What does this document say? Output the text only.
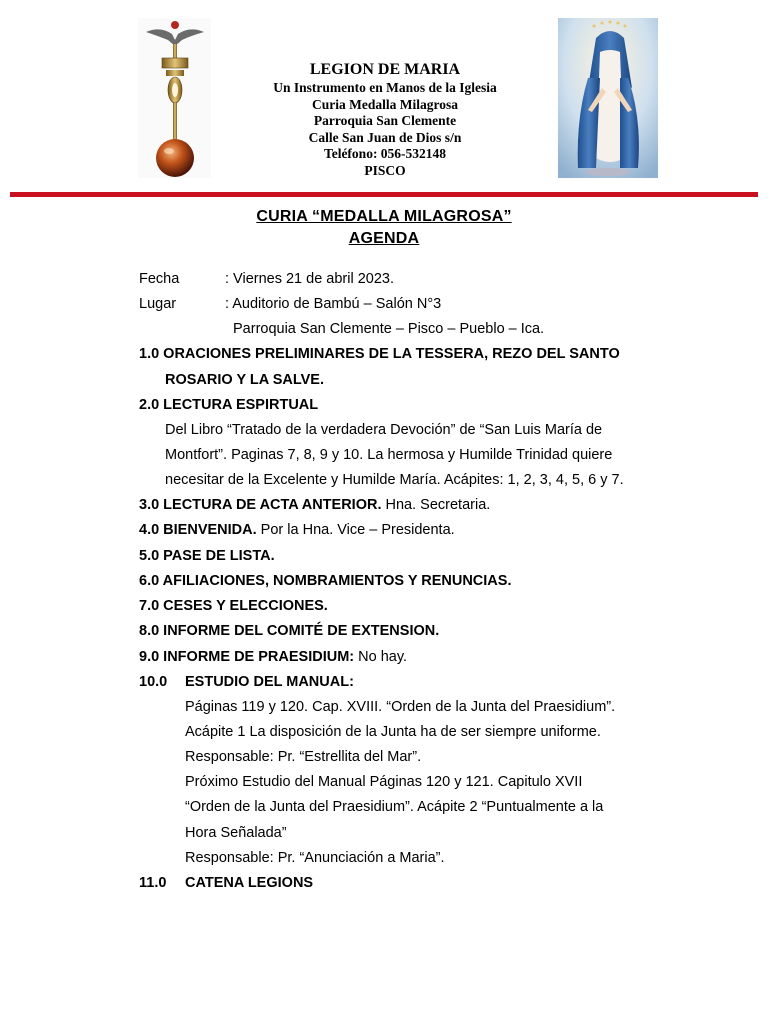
LEGION DE MARIA
Un Instrumento en Manos de la Iglesia
Curia Medalla Milagrosa
Parroquia San Clemente
Calle San Juan de Dios s/n
Teléfono: 056-532148
PISCO
CURIA “MEDALLA MILAGROSA”
AGENDA
Fecha	: Viernes 21 de abril 2023.
Lugar	: Auditorio de Bambú – Salón N°3
Parroquia San Clemente – Pisco – Pueblo – Ica.
1.0 ORACIONES PRELIMINARES DE LA TESSERA, REZO DEL SANTO
ROSARIO Y LA SALVE.
2.0 LECTURA ESPIRTUAL
Del Libro “Tratado de la verdadera Devoción” de “San Luis María de
Montfort”. Paginas 7, 8, 9 y 10. La hermosa y Humilde Trinidad quiere
necesitar de la Excelente y Humilde María. Acápites: 1, 2, 3, 4, 5, 6 y 7.
3.0 LECTURA DE ACTA ANTERIOR. Hna. Secretaria.
4.0 BIENVENIDA. Por la Hna. Vice – Presidenta.
5.0 PASE DE LISTA.
6.0 AFILIACIONES, NOMBRAMIENTOS Y RENUNCIAS.
7.0 CESES Y ELECCIONES.
8.0 INFORME DEL COMITÉ DE EXTENSION.
9.0 INFORME DE PRAESIDIUM: No hay.
10.0 ESTUDIO DEL MANUAL:
Páginas 119 y 120. Cap. XVIII. “Orden de la Junta del Praesidium”.
Acápite 1 La disposición de la Junta ha de ser siempre uniforme.
Responsable: Pr. “Estrellita del Mar”.
Próximo Estudio del Manual Páginas 120 y 121. Capitulo XVII
“Orden de la Junta del Praesidium”. Acápite 2 “Puntualmente a la
Hora Señalada”
Responsable: Pr. “Anunciación a Maria”.
11.0 CATENA LEGIONS
